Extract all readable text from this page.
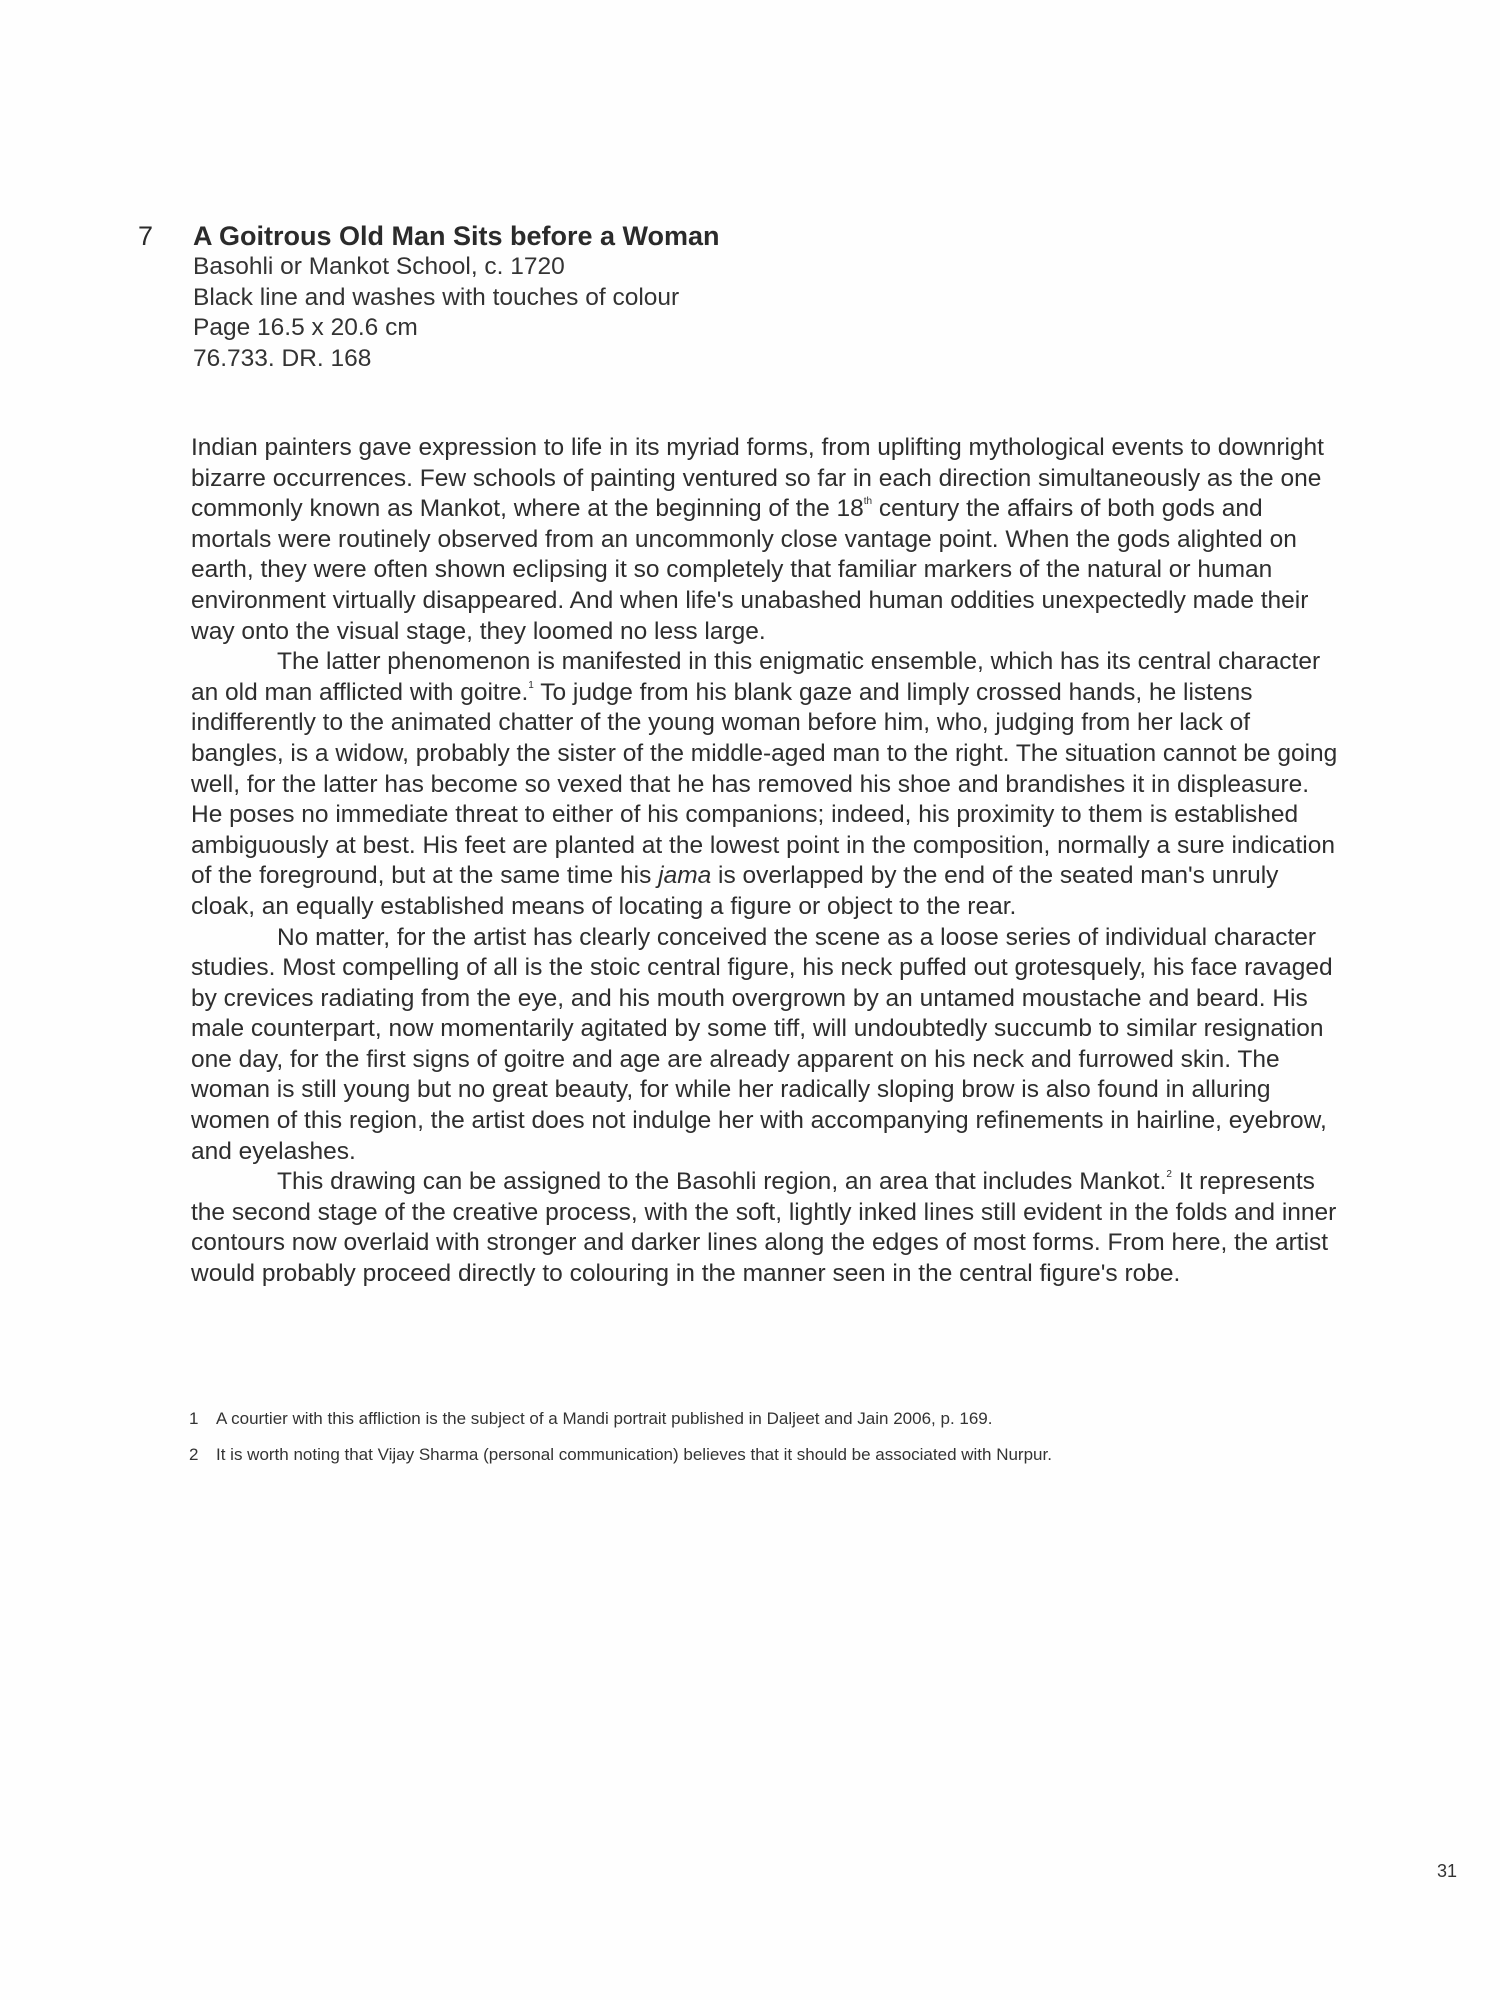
7 A Goitrous Old Man Sits before a Woman
Basohli or Mankot School, c. 1720
Black line and washes with touches of colour
Page 16.5 x 20.6 cm
76.733. DR. 168

Indian painters gave expression to life in its myriad forms, from uplifting mythological events to downright bizarre occurrences. Few schools of painting ventured so far in each direction simultaneously as the one commonly known as Mankot, where at the beginning of the 18th century the affairs of both gods and mortals were routinely observed from an uncommonly close vantage point. When the gods alighted on earth, they were often shown eclipsing it so completely that familiar markers of the natural or human environment virtually disappeared. And when life's unabashed human oddities unexpectedly made their way onto the visual stage, they loomed no less large.

The latter phenomenon is manifested in this enigmatic ensemble, which has its central character an old man afflicted with goitre.$^1$ To judge from his blank gaze and limply crossed hands, he listens indifferently to the animated chatter of the young woman before him, who, judging from her lack of bangles, is a widow, probably the sister of the middle-aged man to the right. The situation cannot be going well, for the latter has become so vexed that he has removed his shoe and brandishes it in displeasure. He poses no immediate threat to either of his companions; indeed, his proximity to them is established ambiguously at best. His feet are planted at the lowest point in the composition, normally a sure indication of the foreground, but at the same time his jama is overlapped by the end of the seated man's unruly cloak, an equally established means of locating a figure or object to the rear.

No matter, for the artist has clearly conceived the scene as a loose series of individual character studies. Most compelling of all is the stoic central figure, his neck puffed out grotesquely, his face ravaged by crevices radiating from the eye, and his mouth overgrown by an untamed moustache and beard. His male counterpart, now momentarily agitated by some tiff, will undoubtedly succumb to similar resignation one day, for the first signs of goitre and age are already apparent on his neck and furrowed skin. The woman is still young but no great beauty, for while her radically sloping brow is also found in alluring women of this region, the artist does not indulge her with accompanying refinements in hairline, eyebrow, and eyelashes.

This drawing can be assigned to the Basohli region, an area that includes Mankot.$^2$ It represents the second stage of the creative process, with the soft, lightly inked lines still evident in the folds and inner contours now overlaid with stronger and darker lines along the edges of most forms. From here, the artist would probably proceed directly to colouring in the manner seen in the central figure's robe.

1	A courtier with this affliction is the subject of a Mandi portrait published in Daljeet and Jain 2006, p. 169.
2	It is worth noting that Vijay Sharma (personal communication) believes that it should be associated with Nurpur.
31
